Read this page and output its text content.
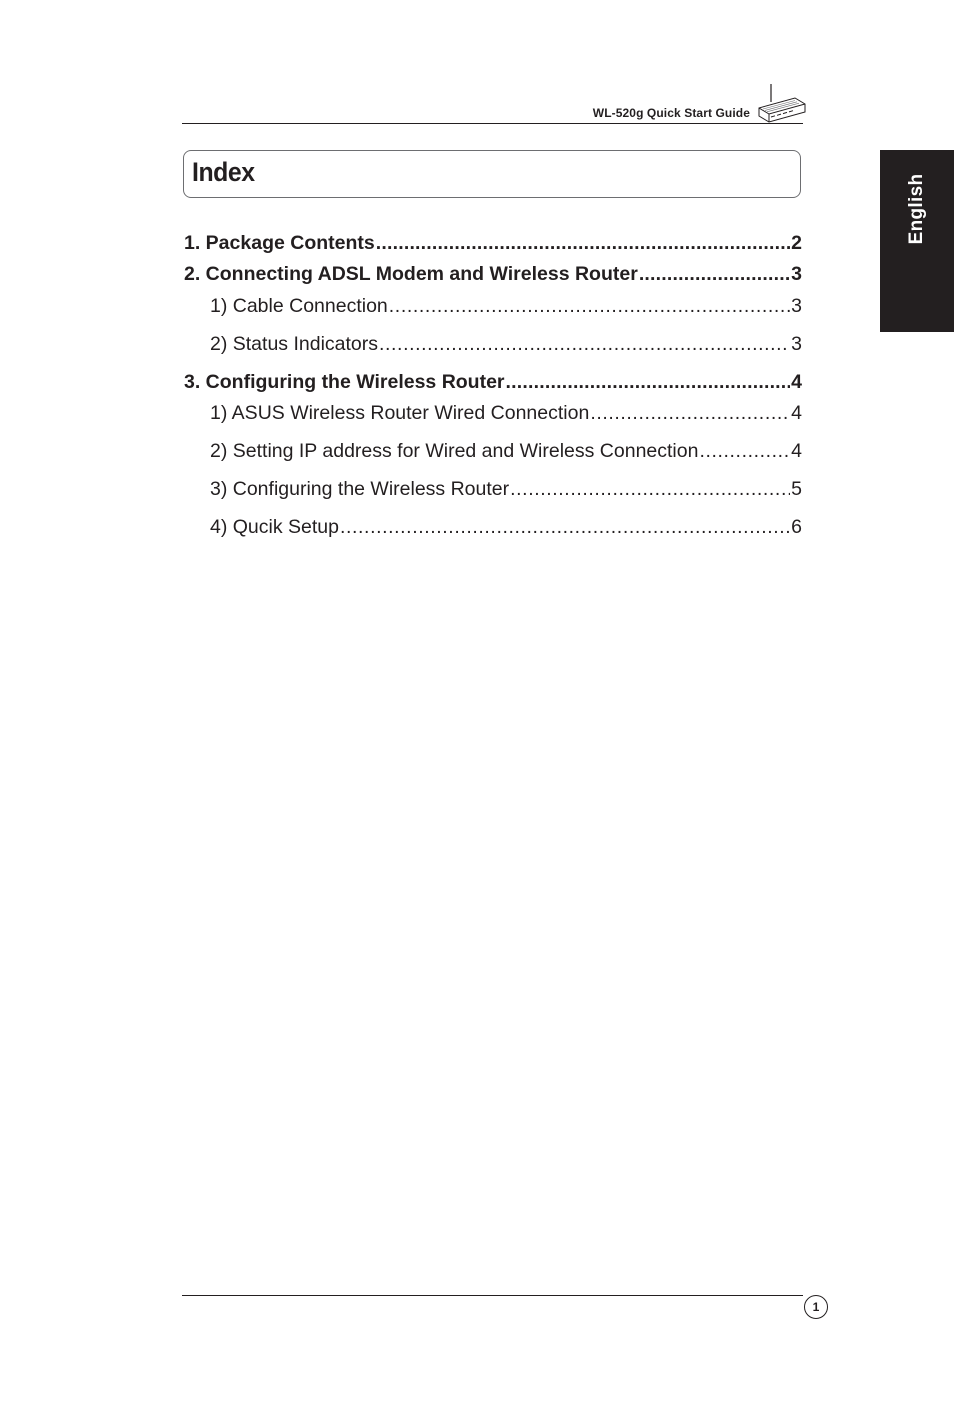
WL-520g Quick Start Guide
Index
English
1. Package Contents .....	2
2. Connecting ADSL Modem and Wireless Router .....	3
1) Cable Connection .....	3
2) Status Indicators .....	3
3. Configuring the Wireless Router .....	4
1) ASUS Wireless Router Wired Connection .....	4
2) Setting IP address for Wired and Wireless Connection .....	4
3) Configuring the Wireless Router .....	5
4) Qucik Setup .....	6
1
